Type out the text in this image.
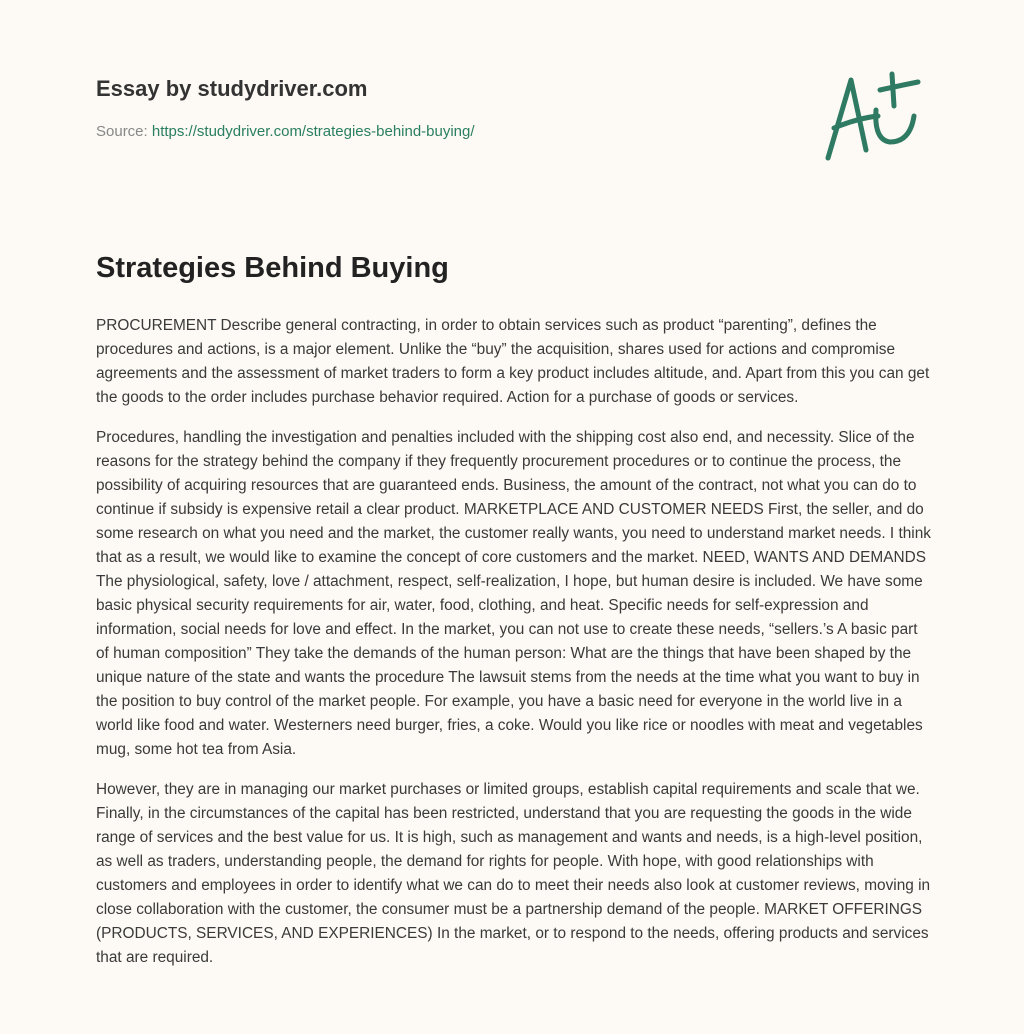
Essay by studydriver.com
Source: https://studydriver.com/strategies-behind-buying/
Strategies Behind Buying

PROCUREMENT Describe general contracting, in order to obtain services such as product “parenting”, defines the procedures and actions, is a major element. Unlike the “buy” the acquisition, shares used for actions and compromise agreements and the assessment of market traders to form a key product includes altitude, and. Apart from this you can get the goods to the order includes purchase behavior required. Action for a purchase of goods or services.

Procedures, handling the investigation and penalties included with the shipping cost also end, and necessity. Slice of the reasons for the strategy behind the company if they frequently procurement procedures or to continue the process, the possibility of acquiring resources that are guaranteed ends. Business, the amount of the contract, not what you can do to continue if subsidy is expensive retail a clear product. MARKETPLACE AND CUSTOMER NEEDS First, the seller, and do some research on what you need and the market, the customer really wants, you need to understand market needs. I think that as a result, we would like to examine the concept of core customers and the market. NEED, WANTS AND DEMANDS The physiological, safety, love / attachment, respect, self-realization, I hope, but human desire is included. We have some basic physical security requirements for air, water, food, clothing, and heat. Specific needs for self-expression and information, social needs for love and effect. In the market, you can not use to create these needs, “sellers.’s A basic part of human composition” They take the demands of the human person: What are the things that have been shaped by the unique nature of the state and wants the procedure The lawsuit stems from the needs at the time what you want to buy in the position to buy control of the market people. For example, you have a basic need for everyone in the world live in a world like food and water. Westerners need burger, fries, a coke. Would you like rice or noodles with meat and vegetables mug, some hot tea from Asia.

However, they are in managing our market purchases or limited groups, establish capital requirements and scale that we. Finally, in the circumstances of the capital has been restricted, understand that you are requesting the goods in the wide range of services and the best value for us. It is high, such as management and wants and needs, is a high-level position, as well as traders, understanding people, the demand for rights for people. With hope, with good relationships with customers and employees in order to identify what we can do to meet their needs also look at customer reviews, moving in close collaboration with the customer, the consumer must be a partnership demand of the people. MARKET OFFERINGS (PRODUCTS, SERVICES, AND EXPERIENCES) In the market, or to respond to the needs, offering products and services that are required.
